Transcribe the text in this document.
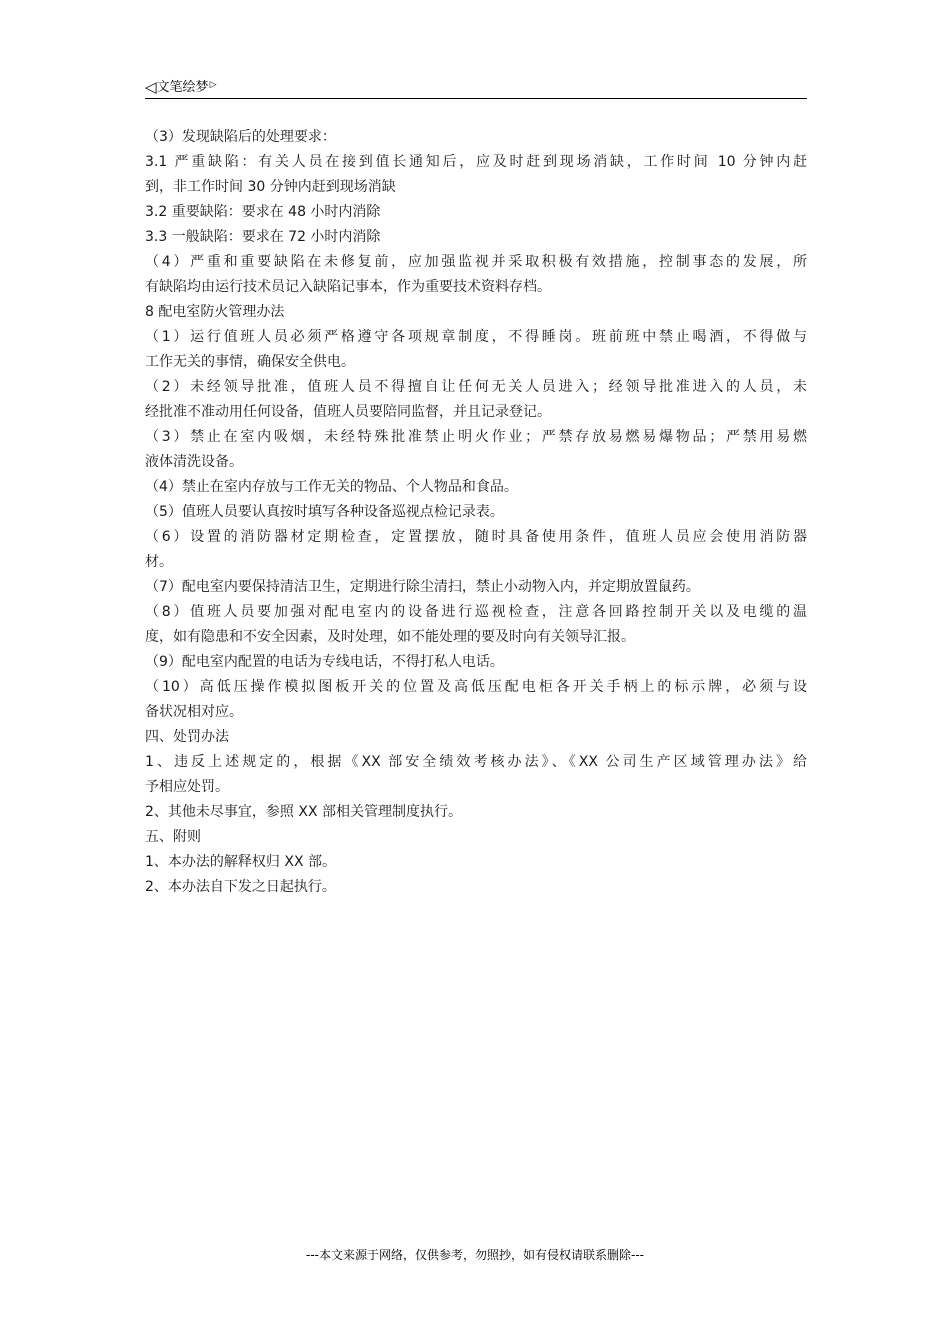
◁文笔绘梦▷
（3）发现缺陷后的处理要求：
3.1 严重缺陷：有关人员在接到值长通知后，应及时赶到现场消缺，工作时间 10 分钟内赶
到，非工作时间 30 分钟内赶到现场消缺
3.2 重要缺陷：要求在 48 小时内消除
3.3 一般缺陷：要求在 72 小时内消除
（4）严重和重要缺陷在未修复前，应加强监视并采取积极有效措施，控制事态的发展，所
有缺陷均由运行技术员记入缺陷记事本，作为重要技术资料存档。
8 配电室防火管理办法
（1）运行值班人员必须严格遵守各项规章制度，不得睡岗。班前班中禁止喝酒，不得做与
工作无关的事情，确保安全供电。
（2）未经领导批准，值班人员不得擅自让任何无关人员进入；经领导批准进入的人员，未
经批准不准动用任何设备，值班人员要陪同监督，并且记录登记。
（3）禁止在室内吸烟，未经特殊批准禁止明火作业；严禁存放易燃易爆物品；严禁用易燃
液体清洗设备。
（4）禁止在室内存放与工作无关的物品、个人物品和食品。
（5）值班人员要认真按时填写各种设备巡视点检记录表。
（6）设置的消防器材定期检查，定置摆放，随时具备使用条件，值班人员应会使用消防器
材。
（7）配电室内要保持清洁卫生，定期进行除尘清扫，禁止小动物入内，并定期放置鼠药。
（8）值班人员要加强对配电室内的设备进行巡视检查，注意各回路控制开关以及电缆的温
度，如有隐患和不安全因素，及时处理，如不能处理的要及时向有关领导汇报。
（9）配电室内配置的电话为专线电话，不得打私人电话。
（10）高低压操作模拟图板开关的位置及高低压配电柜各开关手柄上的标示牌，必须与设
备状况相对应。
四、处罚办法
1、违反上述规定的，根据《XX 部安全绩效考核办法》、《XX 公司生产区域管理办法》给
予相应处罚。
2、其他未尽事宜，参照 XX 部相关管理制度执行。
五、附则
1、本办法的解释权归 XX 部。
2、本办法自下发之日起执行。
---本文来源于网络，仅供参考，勿照抄，如有侵权请联系删除---
